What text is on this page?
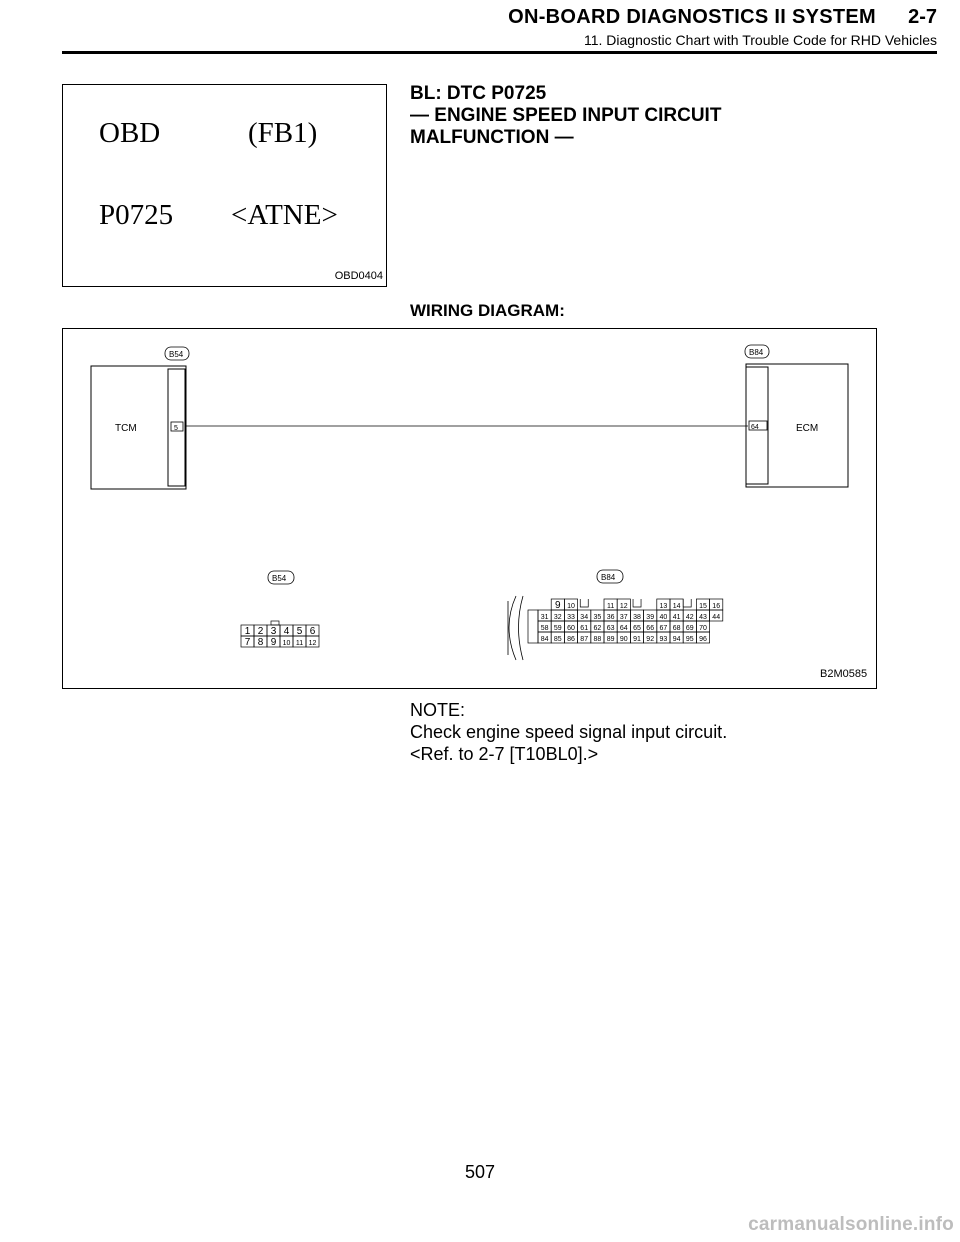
ON-BOARD DIAGNOSTICS II SYSTEM 2-7
11. Diagnostic Chart with Trouble Code for RHD Vehicles
OBD	(FB1)
P0725 <ATNE>
OBD0404
BL: DTC P0725
— ENGINE SPEED INPUT CIRCUIT
MALFUNCTION —
WIRING DIAGRAM:
TCM	5
B54
ECM
64
B84
B54
1 2 3 4 5 6
7 8 9 10 11 12
B84
9 10	11 12	13 14	15 16
31 32 33 34 35 36 37 38 39 40 41 42 43 44
58 59 60 61 62 63 64 65 66 67 68 69 70
84 85 86 87 88 89 90 91 92 93 94 95 96
B2M0585
NOTE:
Check engine speed signal input circuit.
<Ref. to 2-7 [T10BL0].>
507
carmanualsonline.info
